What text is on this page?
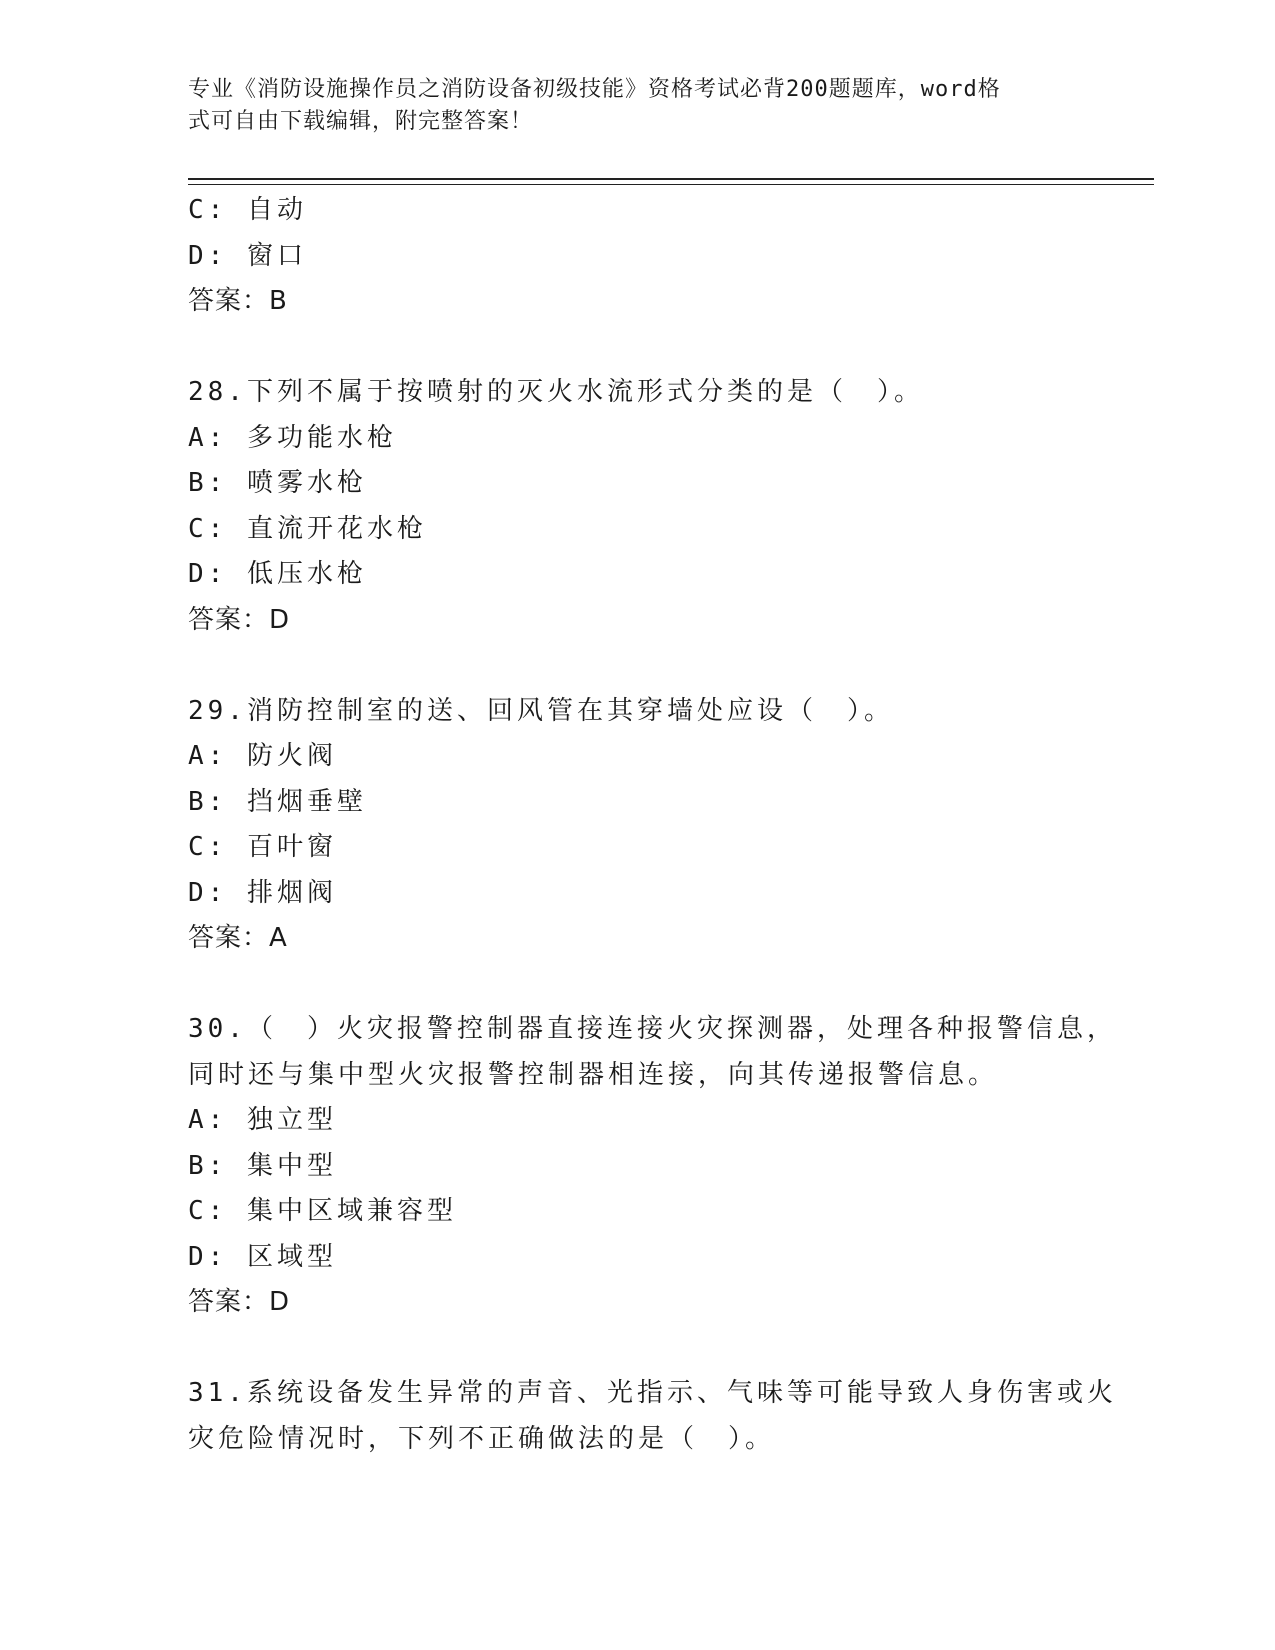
专业《消防设施操作员之消防设备初级技能》资格考试必背200题题库，word格
式可自由下载编辑，附完整答案！
C: 自动
D: 窗口
答案：B
28.下列不属于按喷射的灭火水流形式分类的是（　）。
A: 多功能水枪
B: 喷雾水枪
C: 直流开花水枪
D: 低压水枪
答案：D
29.消防控制室的送、回风管在其穿墙处应设（　）。
A: 防火阀
B: 挡烟垂壁
C: 百叶窗
D: 排烟阀
答案：A
30.（　）火灾报警控制器直接连接火灾探测器，处理各种报警信息，
同时还与集中型火灾报警控制器相连接，向其传递报警信息。
A: 独立型
B: 集中型
C: 集中区域兼容型
D: 区域型
答案：D
31.系统设备发生异常的声音、光指示、气味等可能导致人身伤害或火
灾危险情况时，下列不正确做法的是（　）。
